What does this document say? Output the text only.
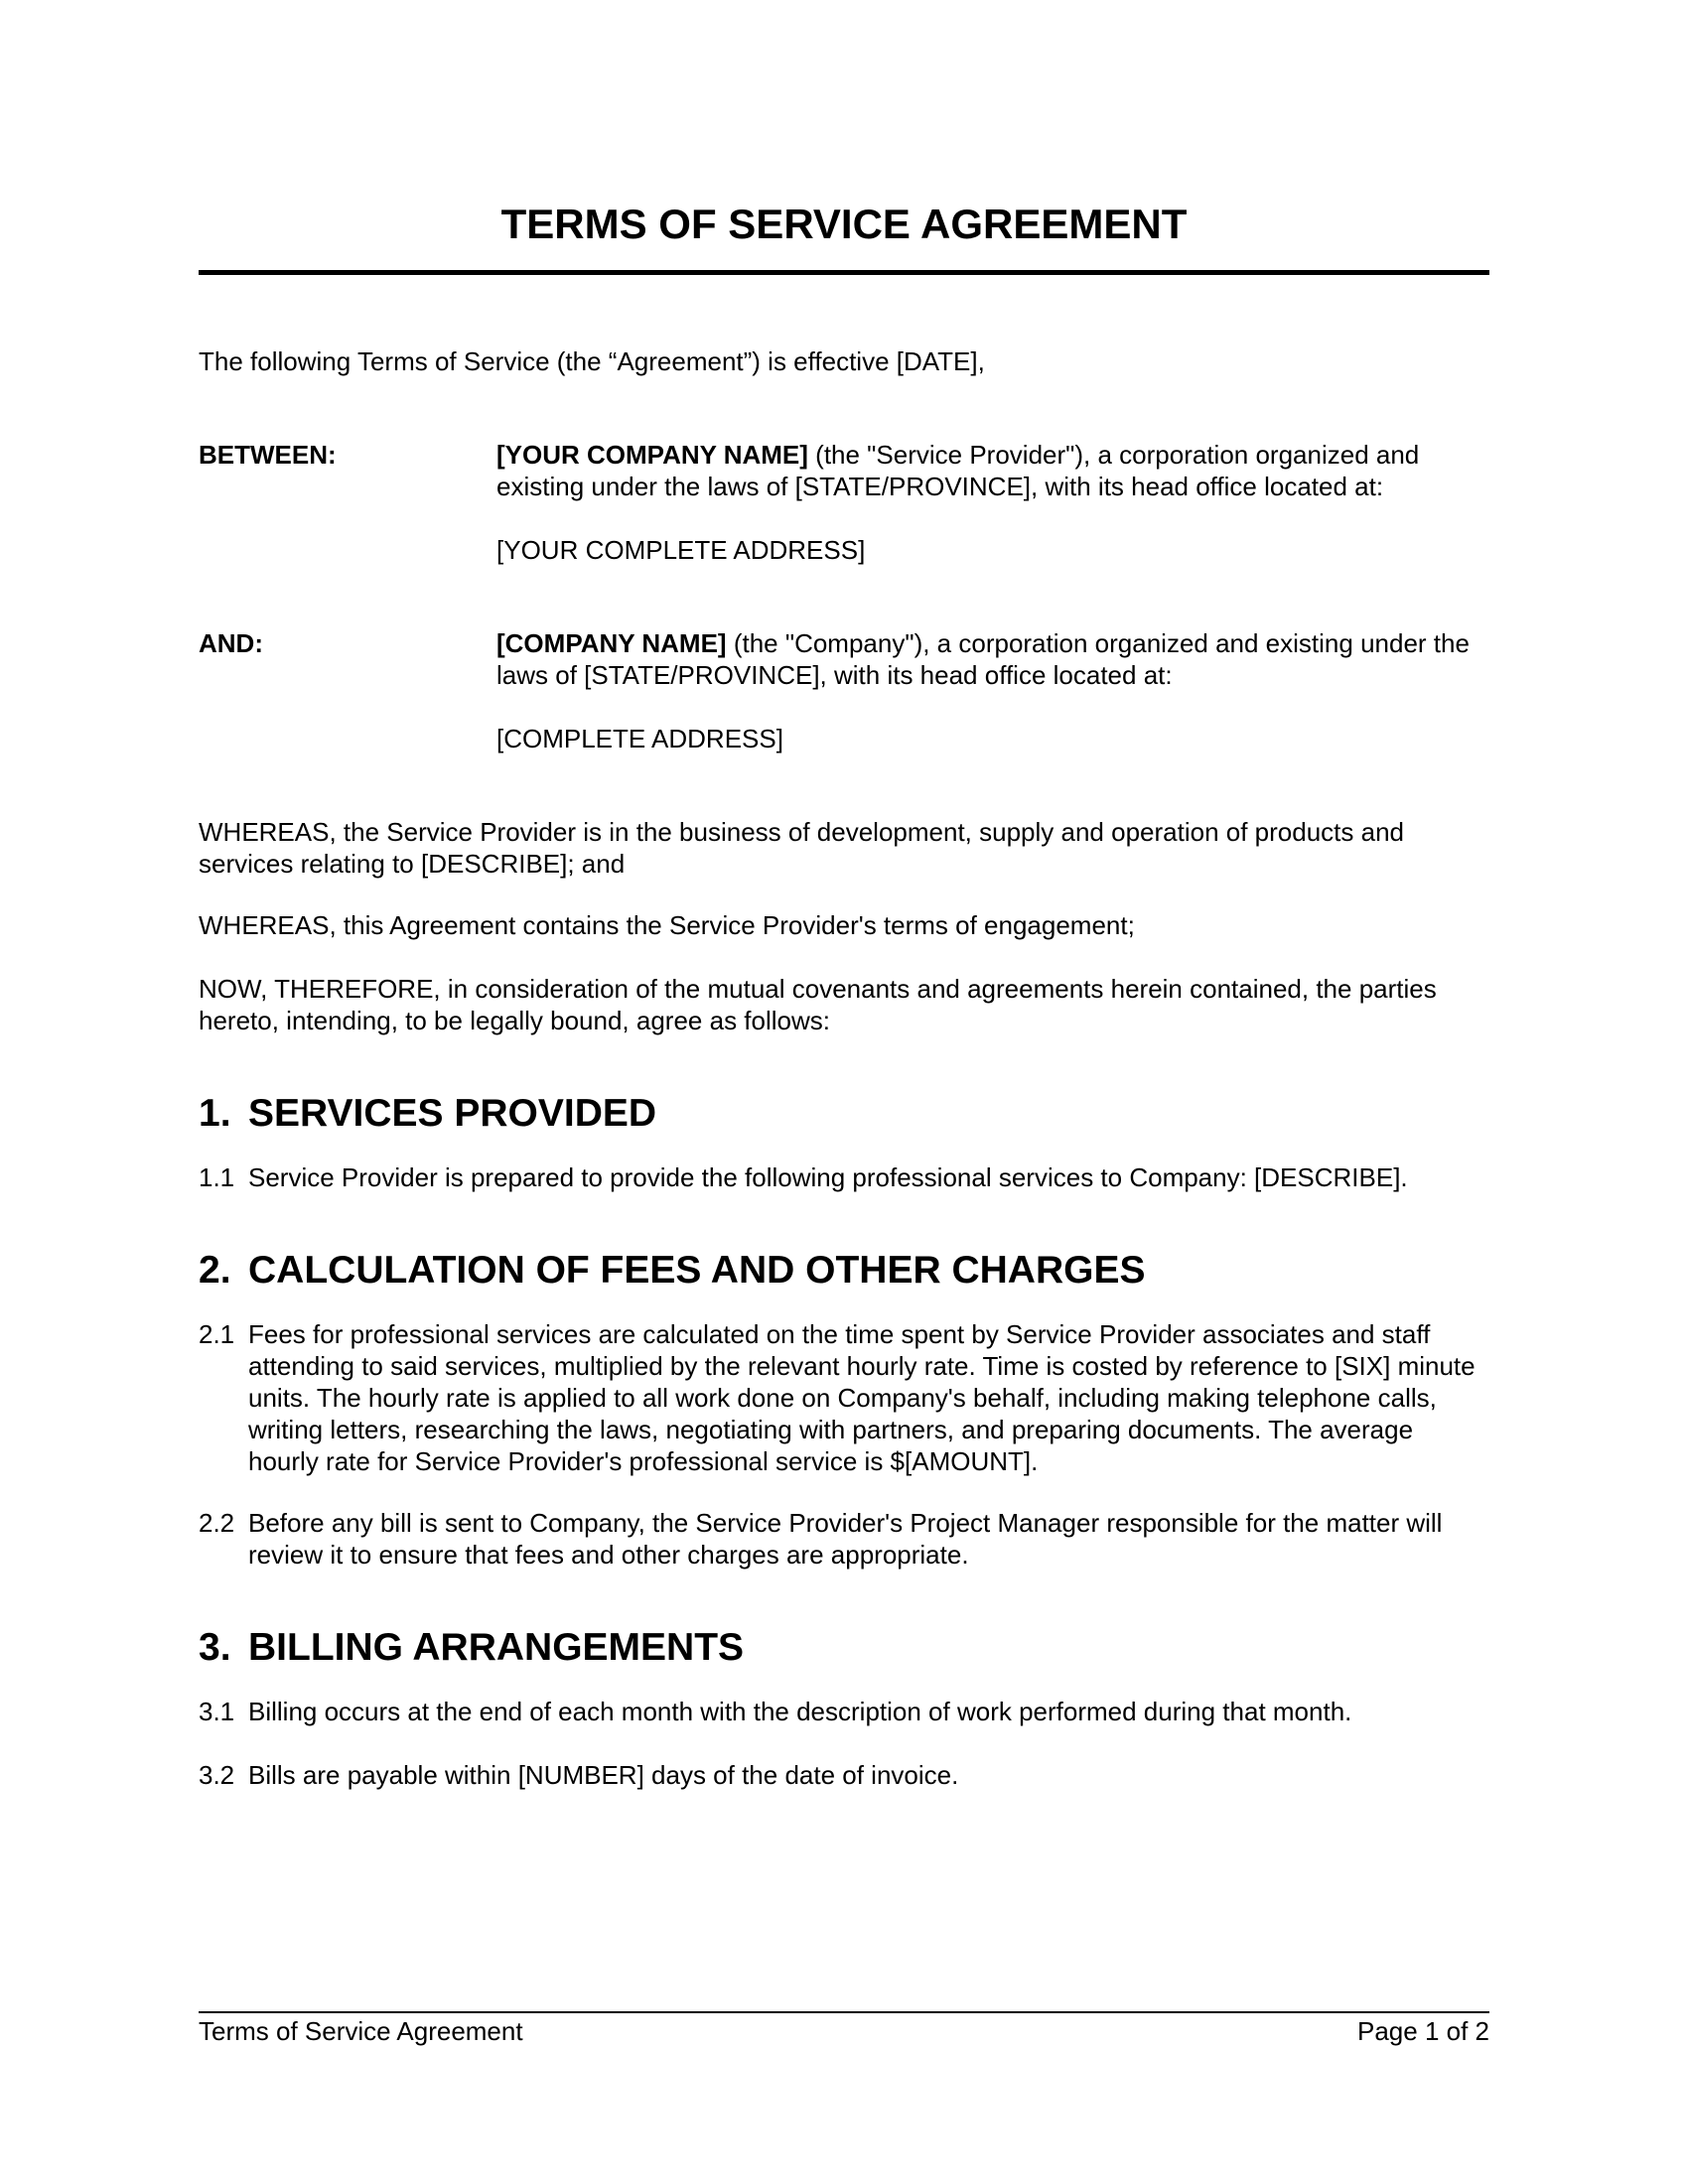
TERMS OF SERVICE AGREEMENT

The following Terms of Service (the “Agreement”) is effective [DATE],

BETWEEN:	[YOUR COMPANY NAME] (the "Service Provider"), a corporation organized and existing under the laws of [STATE/PROVINCE], with its head office located at:

[YOUR COMPLETE ADDRESS]

AND:	[COMPANY NAME] (the "Company"), a corporation organized and existing under the laws of [STATE/PROVINCE], with its head office located at:

[COMPLETE ADDRESS]

WHEREAS, the Service Provider is in the business of development, supply and operation of products and services relating to [DESCRIBE]; and

WHEREAS, this Agreement contains the Service Provider's terms of engagement;

NOW, THEREFORE, in consideration of the mutual covenants and agreements herein contained, the parties hereto, intending, to be legally bound, agree as follows:

1. SERVICES PROVIDED
1.1 Service Provider is prepared to provide the following professional services to Company: [DESCRIBE].
2. CALCULATION OF FEES AND OTHER CHARGES
2.1 Fees for professional services are calculated on the time spent by Service Provider associates and staff attending to said services, multiplied by the relevant hourly rate. Time is costed by reference to [SIX] minute units. The hourly rate is applied to all work done on Company's behalf, including making telephone calls, writing letters, researching the laws, negotiating with partners, and preparing documents. The average hourly rate for Service Provider's professional service is $[AMOUNT].
2.2 Before any bill is sent to Company, the Service Provider's Project Manager responsible for the matter will review it to ensure that fees and other charges are appropriate.
3. BILLING ARRANGEMENTS
3.1 Billing occurs at the end of each month with the description of work performed during that month.
3.2 Bills are payable within [NUMBER] days of the date of invoice.
Terms of Service Agreement	Page 1 of 2
